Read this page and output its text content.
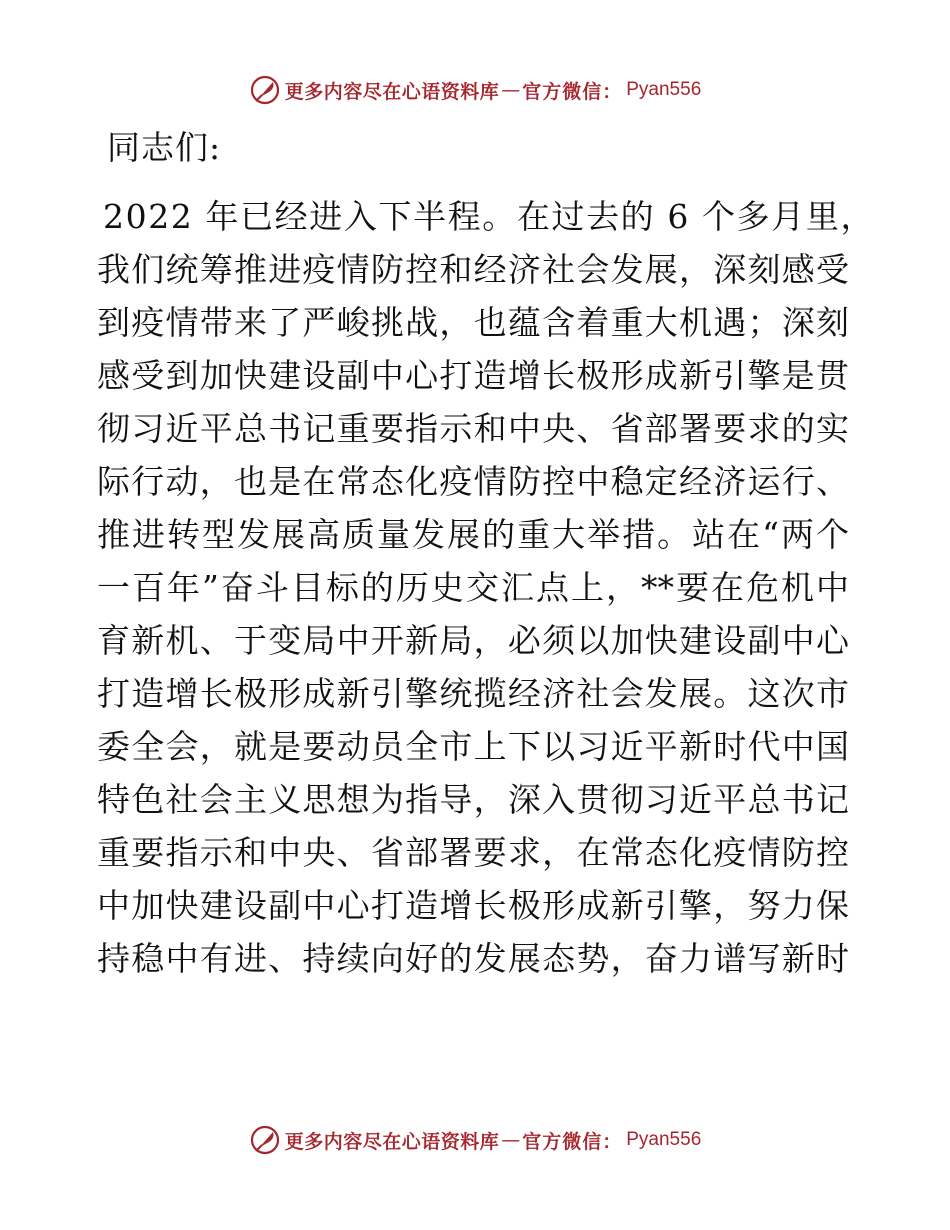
更多内容尽在心语资料库 — 官方微信： Pyan556
同志们:
2022 年已经进入下半程。在过去的 6 个多月里，
我们统筹推进疫情防控和经济社会发展，深刻感受
到疫情带来了严峻挑战，也蕴含着重大机遇；深刻
感受到加快建设副中心打造增长极形成新引擎是贯
彻习近平总书记重要指示和中央、省部署要求的实
际行动，也是在常态化疫情防控中稳定经济运行、
推进转型发展高质量发展的重大举措。站在“两个
一百年”奋斗目标的历史交汇点上，**要在危机中
育新机、于变局中开新局，必须以加快建设副中心
打造增长极形成新引擎统揽经济社会发展。这次市
委全会，就是要动员全市上下以习近平新时代中国
特色社会主义思想为指导，深入贯彻习近平总书记
重要指示和中央、省部署要求，在常态化疫情防控
中加快建设副中心打造增长极形成新引擎，努力保
持稳中有进、持续向好的发展态势，奋力谱写新时
更多内容尽在心语资料库 — 官方微信： Pyan556
